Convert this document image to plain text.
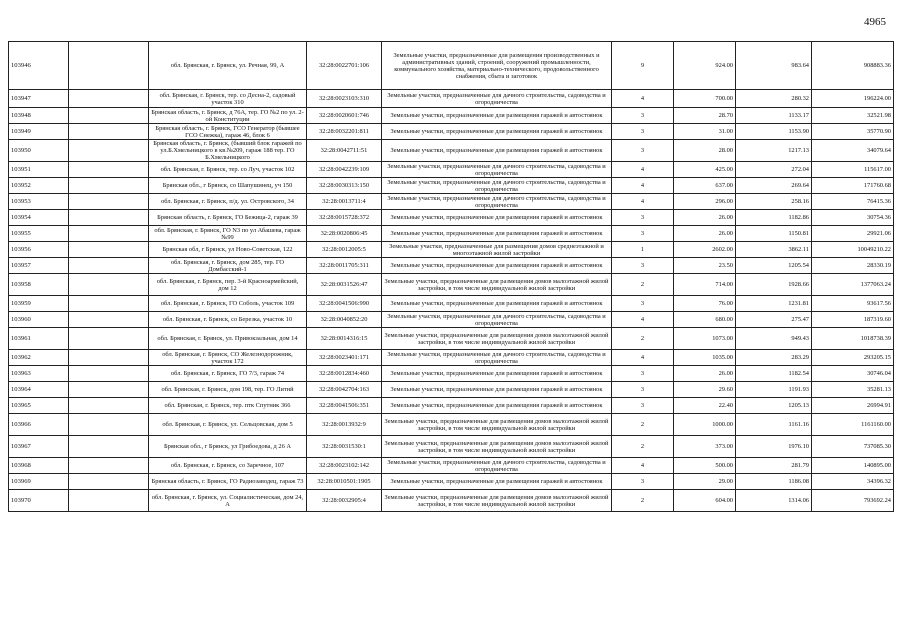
4965
103946		обл. Брянская, г. Брянск, ул. Речная, 99, А	32:28:0022701:106	Земельные участки, предназначенные для размещения производственных и административных зданий, строений, сооружений промышленности, коммунального хозяйства, материально-технического, продовольственного снабжения, сбыта и заготовок	9	924.00	983.64	908883.36
103947		обл. Брянская, г. Брянск, тер. со Десна-2, садовый участок 310	32:28:0023103:310	Земельные участки, предназначенные для дачного строительства, садоводства и огородничества	4	700.00	280.32	196224.00
103948		Брянская область, г. Брянск, д 76А, тер. ГО №2 по ул. 2-ой Конституции	32:28:0020601:746	Земельные участки, предназначенные для размещения гаражей и автостоянок	3	28.70	1133.17	32521.98
103949		Брянская область, г. Брянск, ГСО Генератор (бывшее ГСО Снежка), гараж 46, блок 6	32:28:0032201:811	Земельные участки, предназначенные для размещения гаражей и автостоянок	3	31.00	1153.90	35770.90
103950		Брянская область, г. Брянск, (бывший блок гаражей по ул.Б.Хмельницкого в кв.№209, гараж 188 тер. ГО Б.Хмельницкого	32:28:0042711:51	Земельные участки, предназначенные для размещения гаражей и автостоянок	3	28.00	1217.13	34079.64
103951		обл. Брянская, г. Брянск, тер. со Луч, участок 102	32:28:0042239:109	Земельные участки, предназначенные для дачного строительства, садоводства и огородничества	4	425.00	272.04	115617.00
103952		Брянская обл., г Брянск, со Шапушинец, уч 150	32:28:0030313:150	Земельные участки, предназначенные для дачного строительства, садоводства и огородничества	4	637.00	269.64	171760.68
103953		обл. Брянская, г. Брянск, п/д. ул. Островского, 34	32:28:0013711:4	Земельные участки, предназначенные для дачного строительства, садоводства и огородничества	4	296.00	258.16	76415.36
103954		Брянская область, г. Брянск, ГО Бежица-2, гараж 39	32:28:0015728:372	Земельные участки, предназначенные для размещения гаражей и автостоянок	3	26.00	1182.86	30754.36
103955		обл. Брянская, г. Брянск, ГО N3 по ул Абашева, гараж №99	32:28:0020806:45	Земельные участки, предназначенные для размещения гаражей и автостоянок	3	26.00	1150.81	29921.06
103956		Брянская обл, г Брянск, ул Ново-Советская, 122	32:28:0012005:5	Земельные участки, предназначенные для размещения домов среднеэтажной и многоэтажной жилой застройки	1	2602.00	3862.11	10049210.22
103957		обл. Брянская, г. Брянск, дом 285, тер. ГО Домбасский-1	32:28:0011705:311	Земельные участки, предназначенные для размещения гаражей и автостоянок	3	23.50	1205.54	28330.19
103958		обл. Брянская, г. Брянск, пер. 3-й Красноармейский, дом 12	32:28:0031526:47	Земельные участки, предназначенные для размещения домов малоэтажной жилой застройки, в том числе индивидуальной жилой застройки	2	714.00	1928.66	1377063.24
103959		обл. Брянская, г. Брянск, ГО Соболь, участок 109	32:28:0041506:990	Земельные участки, предназначенные для размещения гаражей и автостоянок	3	76.00	1231.81	93617.56
103960		обл. Брянская, г. Брянск, со Березка, участок 10	32:28:0040852:20	Земельные участки, предназначенные для дачного строительства, садоводства и огородничества	4	680.00	275.47	187319.60
103961		обл. Брянская, г. Брянск, ул. Привокзальная, дом 14	32:28:0014316:15	Земельные участки, предназначенные для размещения домов малоэтажной жилой застройки, в том числе индивидуальной жилой застройки	2	1073.00	949.43	1018738.39
103962		обл. Брянская, г. Брянск, СО Железнодорожник, участок 172	32:28:0023401:171	Земельные участки, предназначенные для дачного строительства, садоводства и огородничества	4	1035.00	283.29	293205.15
103963		обл. Брянская, г. Брянск, ГО 7/3, гараж 74	32:28:0012834:460	Земельные участки, предназначенные для размещения гаражей и автостоянок	3	26.00	1182.54	30746.04
103964		обл. Брянская, г. Брянск, дом 198, тер. ГО Литий	32:28:0042704:163	Земельные участки, предназначенные для размещения гаражей и автостоянок	3	29.60	1191.93	35281.13
103965		обл. Брянская, г. Брянск, тер. птк Спутник 366	32:28:0041506:351	Земельные участки, предназначенные для размещения гаражей и автостоянок	3	22.40	1205.13	26994.91
103966		обл. Брянская, г. Брянск, ул. Сельцовская, дом 5	32:28:0013932:9	Земельные участки, предназначенные для размещения домов малоэтажной жилой застройки, в том числе индивидуальной жилой застройки	2	1000.00	1161.16	1161160.00
103967		Брянская обл., г Брянск, ул Грибоедова, д 26 А	32:28:0031530:1	Земельные участки, предназначенные для размещения домов малоэтажной жилой застройки, в том числе индивидуальной жилой застройки	2	373.00	1976.10	737085.30
103968		обл. Брянская, г. Брянск, со Заречное, 107	32:28:0023102:142	Земельные участки, предназначенные для дачного строительства, садоводства и огородничества	4	500.00	281.79	140895.00
103969		Брянская область, г. Брянск, ГО Радиозаводец, гараж 73	32:28:0010501:1905	Земельные участки, предназначенные для размещения гаражей и автостоянок	3	29.00	1186.08	34396.32
103970		обл. Брянская, г. Брянск, ул. Социалистическая, дом 24, А	32:28:0032905:4	Земельные участки, предназначенные для размещения домов малоэтажной жилой застройки, в том числе индивидуальной жилой застройки	2	604.00	1314.06	793692.24
